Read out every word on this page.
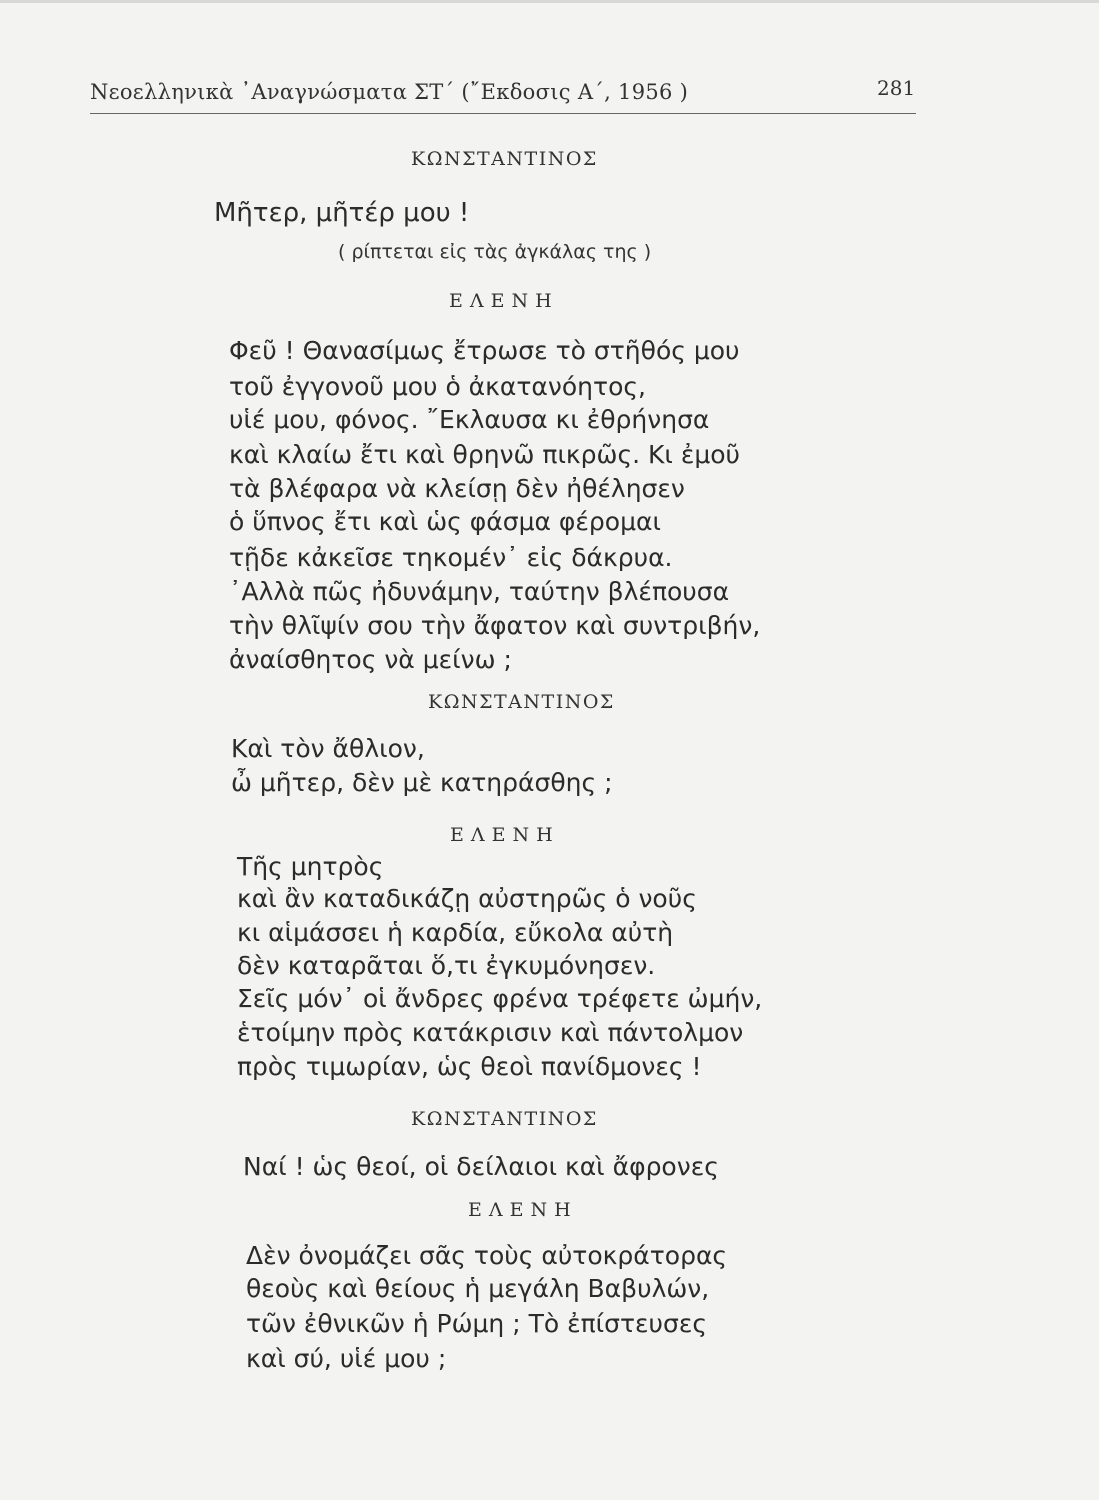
Νεοελληνικὰ ᾿Αναγνώσματα ΣΤ΄ (῎Εκδοσις Α΄, 1956 )	281
ΚΩΝΣΤΑΝΤΙΝΟΣ
Μῆτερ, μῆτέρ μου !
( ρίπτεται εἰς τὰς ἀγκάλας της )
ΕΛΕΝΗ
Φεῦ ! Θανασίμως ἔτρωσε τὸ στῆθός μου
τοῦ ἐγγονοῦ μου ὁ ἀκατανόητος,
υἱέ μου, φόνος. ῎Εκλαυσα κι ἐθρήνησα
καὶ κλαίω ἔτι καὶ θρηνῶ πικρῶς. Κι ἐμοῦ
τὰ βλέφαρα νὰ κλείσῃ δὲν ἠθέλησεν
ὁ ὕπνος ἔτι καὶ ὡς φάσμα φέρομαι
τῇδε κἀκεῖσε τηκομέν᾿ εἰς δάκρυα.
᾿Αλλὰ πῶς ἠδυνάμην, ταύτην βλέπουσα
τὴν θλῖψίν σου τὴν ἄφατον καὶ συντριβήν,
ἀναίσθητος νὰ μείνω ;
ΚΩΝΣΤΑΝΤΙΝΟΣ
Καὶ τὸν ἄθλιον,
ὦ μῆτερ, δὲν μὲ κατηράσθης ;
ΕΛΕΝΗ
Τῆς μητρὸς
καὶ ἂν καταδικάζῃ αὐστηρῶς ὁ νοῦς
κι αἱμάσσει ἡ καρδία, εὔκολα αὐτὴ
δὲν καταρᾶται ὅ,τι ἐγκυμόνησεν.
Σεῖς μόν᾿ οἱ ἄνδρες φρένα τρέφετε ὠμήν,
ἑτοίμην πρὸς κατάκρισιν καὶ πάντολμον
πρὸς τιμωρίαν, ὡς θεοὶ πανίδμονες !
ΚΩΝΣΤΑΝΤΙΝΟΣ
Ναί ! ὡς θεοί, οἱ δείλαιοι καὶ ἄφρονες
ΕΛΕΝΗ
Δὲν ὀνομάζει σᾶς τοὺς αὐτοκράτορας
θεοὺς καὶ θείους ἡ μεγάλη Βαβυλών,
τῶν ἐθνικῶν ἡ Ρώμη ; Τὸ ἐπίστευσες
καὶ σύ, υἱέ μου ;
